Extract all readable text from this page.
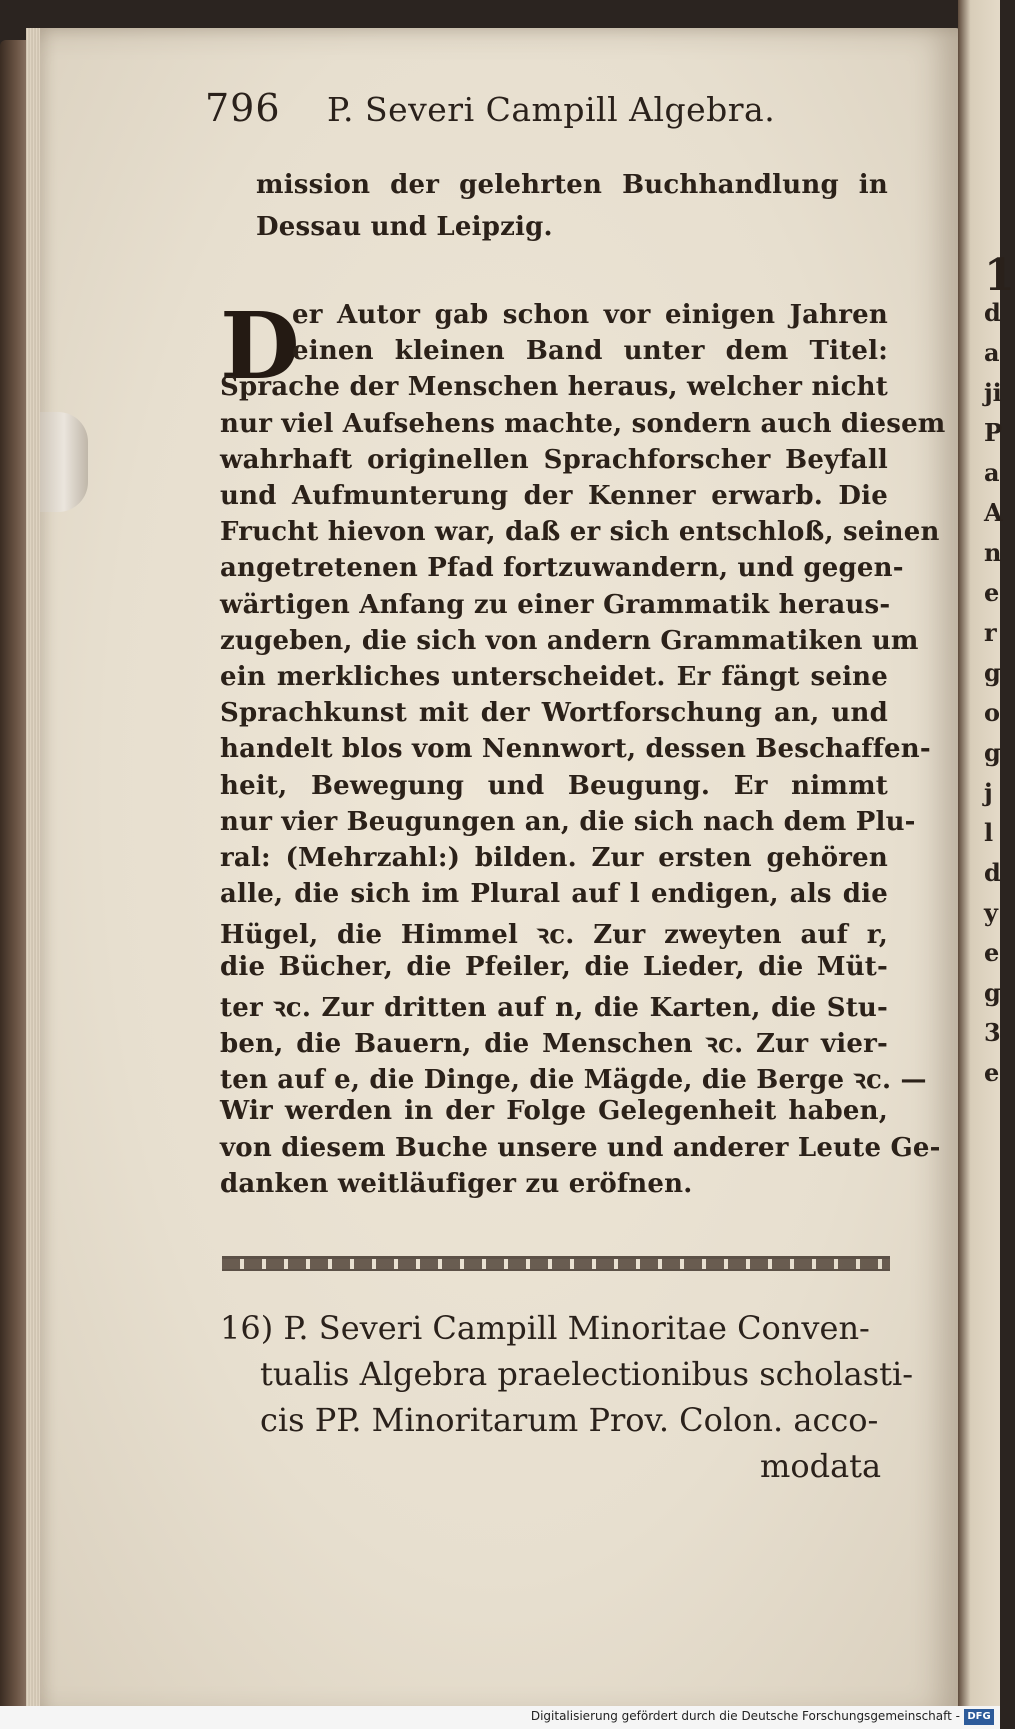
1
d
a
ji
P
a
A
n
e
r
g
o
g
j
l
d
y
e
g
3
e
796 P. Severi Campill Algebra.
mission der gelehrten Buchhandlung in
Dessau und Leipzig.
D
er Autor gab schon vor einigen Jahren
einen kleinen Band unter dem Titel:
Sprache der Menschen heraus, welcher nicht
nur viel Aufsehens machte, sondern auch diesem
wahrhaft originellen Sprachforscher Beyfall
und Aufmunterung der Kenner erwarb. Die
Frucht hievon war, daß er sich entschloß, seinen
angetretenen Pfad fortzuwandern, und gegen-
wärtigen Anfang zu einer Grammatik heraus-
zugeben, die sich von andern Grammatiken um
ein merkliches unterscheidet. Er fängt seine
Sprachkunst mit der Wortforschung an, und
handelt blos vom Nennwort, dessen Beschaffen-
heit, Bewegung und Beugung. Er nimmt
nur vier Beugungen an, die sich nach dem Plu-
ral: (Mehrzahl:) bilden. Zur ersten gehören
alle, die sich im Plural auf l endigen, als die
Hügel, die Himmel ꝛc. Zur zweyten auf r,
die Bücher, die Pfeiler, die Lieder, die Müt-
ter ꝛc. Zur dritten auf n, die Karten, die Stu-
ben, die Bauern, die Menschen ꝛc. Zur vier-
ten auf e, die Dinge, die Mägde, die Berge ꝛc. —
Wir werden in der Folge Gelegenheit haben,
von diesem Buche unsere und anderer Leute Ge-
danken weitläufiger zu eröfnen.
16) P. Severi Campill Minoritae Conven-
tualis Algebra praelectionibus scholasti-
cis PP. Minoritarum Prov. Colon. acco-
modata
Digitalisierung gefördert durch die Deutsche Forschungsgemeinschaft - DFG
